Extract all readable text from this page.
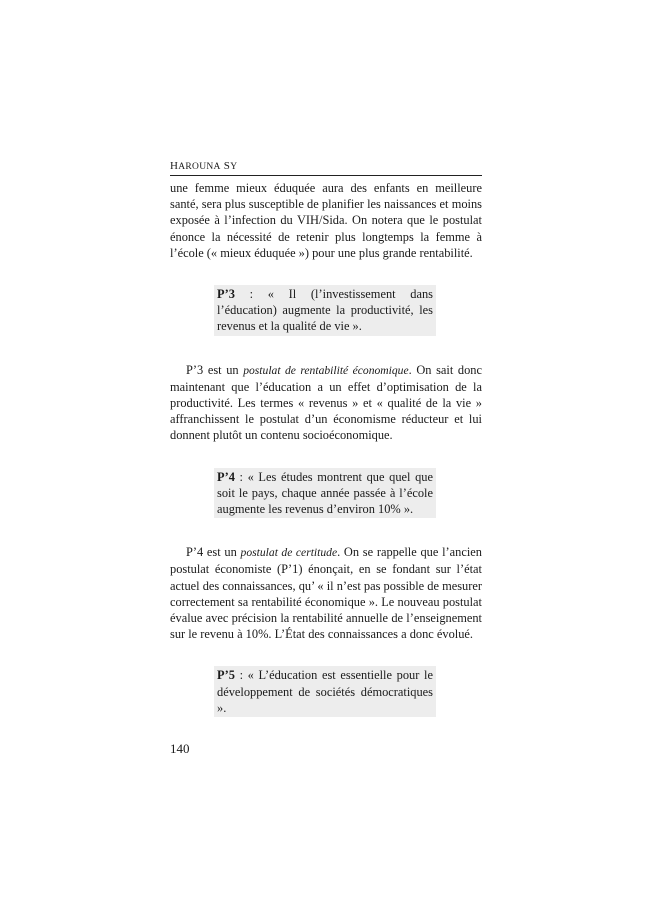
HAROUNA SY

une femme mieux éduquée aura des enfants en meilleure santé, sera plus susceptible de planifier les naissances et moins exposée à l’infection du VIH/Sida. On notera que le postulat énonce la nécessité de retenir plus longtemps la femme à l’école (« mieux éduquée ») pour une plus grande rentabilité.

P’3 : « Il (l’investissement dans l’éducation) augmente la productivité, les revenus et la qualité de vie ».

P’3 est un postulat de rentabilité économique. On sait donc maintenant que l’éducation a un effet d’optimisation de la productivité. Les termes « revenus » et « qualité de la vie » affranchissent le postulat d’un économisme réducteur et lui donnent plutôt un contenu socioéconomique.

P’4 : « Les études montrent que quel que soit le pays, chaque année passée à l’école augmente les revenus d’environ 10% ».

P’4 est un postulat de certitude. On se rappelle que l’ancien postulat économiste (P’1) énonçait, en se fondant sur l’état actuel des connaissances, qu’ « il n’est pas possible de mesurer correctement sa rentabilité économique ». Le nouveau postulat évalue avec précision la rentabilité annuelle de l’enseignement sur le revenu à 10%. L’État des connaissances a donc évolué.

P’5 : « L’éducation est essentielle pour le développement de sociétés démocratiques ».

140
